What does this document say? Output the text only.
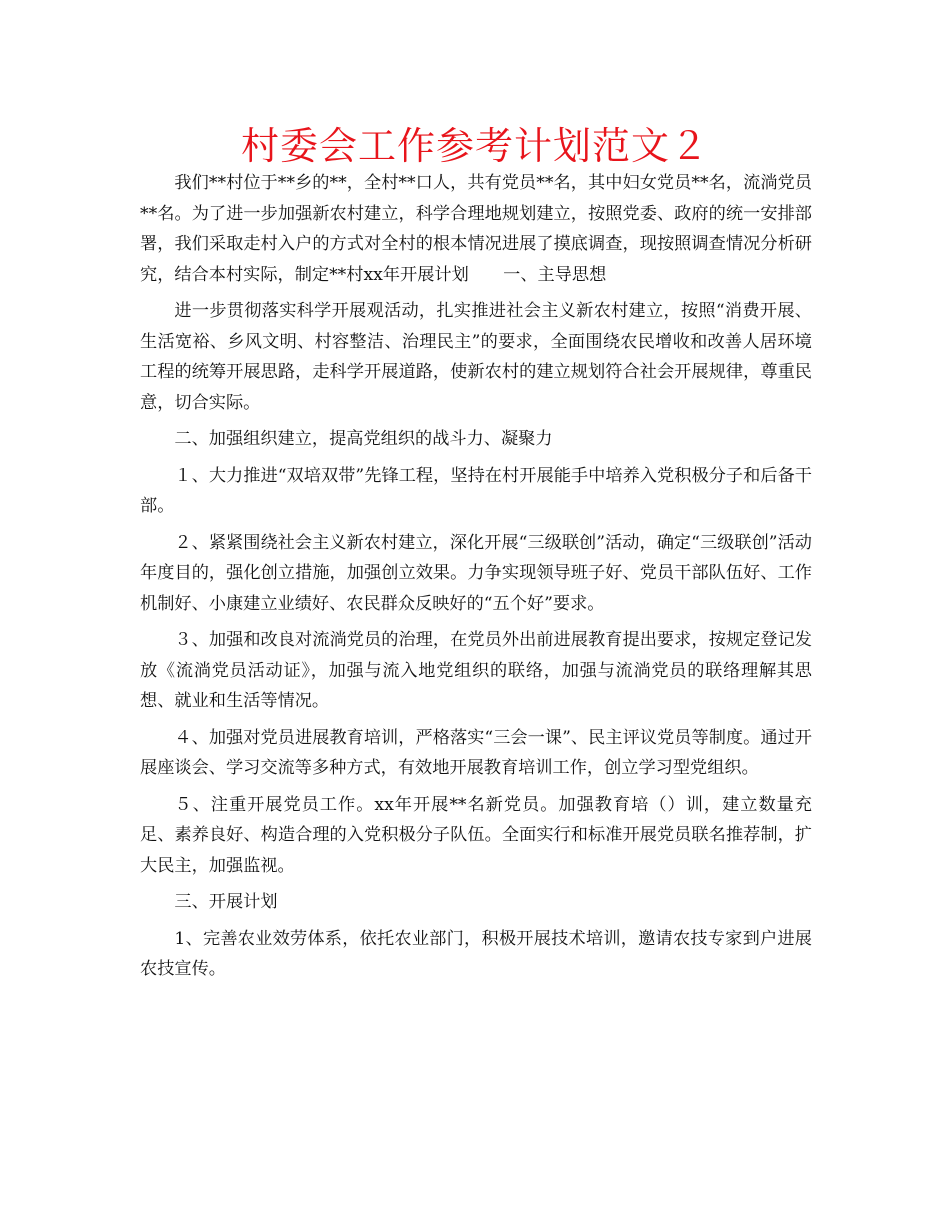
村委会工作参考计划范文２

我们**村位于**乡的**，全村**口人，共有党员**名，其中妇女党员**名，流淌党员**名。为了进一步加强新农村建立，科学合理地规划建立，按照党委、政府的统一安排部署，我们采取走村入户的方式对全村的根本情况进展了摸底调查，现按照调查情况分析研究，结合本村实际，制定**村xx年开展计划　　一、主导思想

进一步贯彻落实科学开展观活动，扎实推进社会主义新农村建立，按照“消费开展、生活宽裕、乡风文明、村容整洁、治理民主”的要求，全面围绕农民增收和改善人居环境工程的统筹开展思路，走科学开展道路，使新农村的建立规划符合社会开展规律，尊重民意，切合实际。

二、加强组织建立，提高党组织的战斗力、凝聚力

１、大力推进“双培双带”先锋工程，坚持在村开展能手中培养入党积极分子和后备干部。

２、紧紧围绕社会主义新农村建立，深化开展“三级联创”活动，确定“三级联创”活动年度目的，强化创立措施，加强创立效果。力争实现领导班子好、党员干部队伍好、工作机制好、小康建立业绩好、农民群众反映好的“五个好”要求。

３、加强和改良对流淌党员的治理，在党员外出前进展教育提出要求，按规定登记发放《流淌党员活动证》，加强与流入地党组织的联络，加强与流淌党员的联络理解其思想、就业和生活等情况。

４、加强对党员进展教育培训，严格落实“三会一课”、民主评议党员等制度。通过开展座谈会、学习交流等多种方式，有效地开展教育培训工作，创立学习型党组织。

５、注重开展党员工作。xx年开展**名新党员。加强教育培（）训，建立数量充足、素养良好、构造合理的入党积极分子队伍。全面实行和标准开展党员联名推荐制，扩大民主，加强监视。

三、开展计划

1、完善农业效劳体系，依托农业部门，积极开展技术培训，邀请农技专家到户进展农技宣传。
